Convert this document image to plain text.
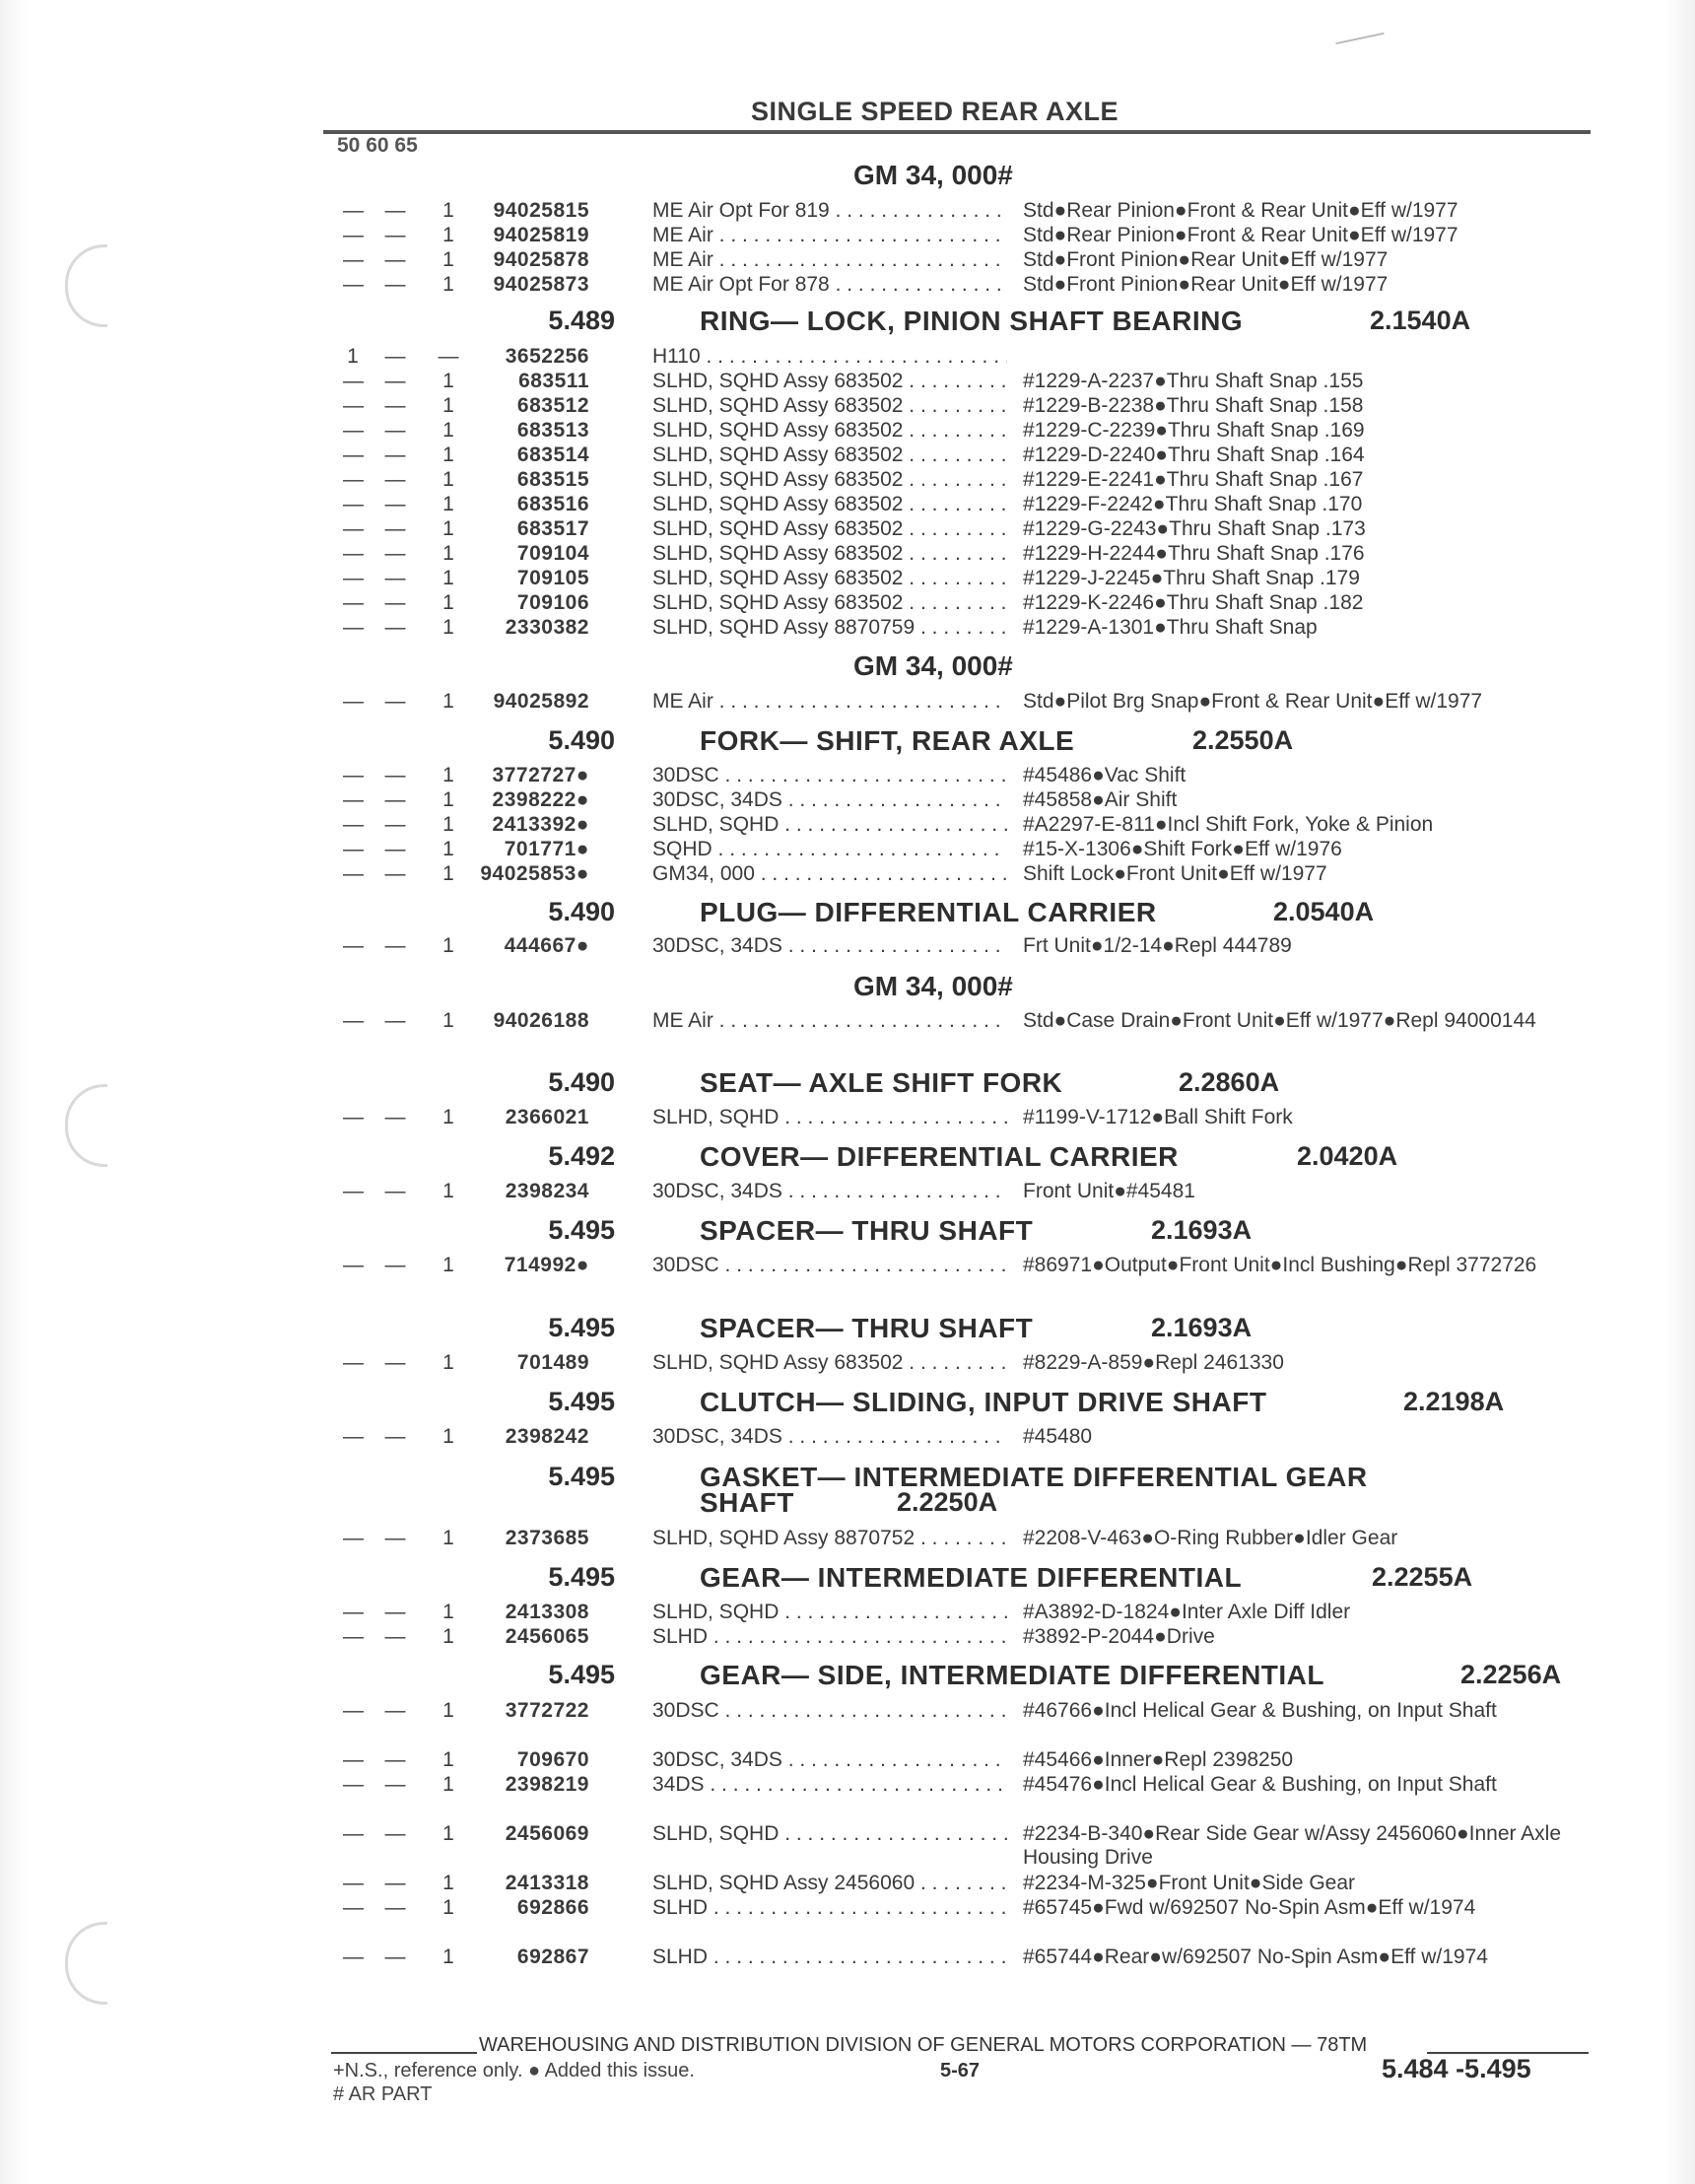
SINGLE SPEED REAR AXLE
50 60 65
GM 34, 000#
— —	1	94025815	ME Air Opt For 819 . . .	Std●Rear Pinion●Front & Rear Unit●Eff w/1977
— —	1	94025819	ME Air . . .	Std●Rear Pinion●Front & Rear Unit●Eff w/1977
— —	1	94025878	ME Air . . .	Std●Front Pinion●Rear Unit●Eff w/1977
— —	1	94025873	ME Air Opt For 878 . . .	Std●Front Pinion●Rear Unit●Eff w/1977
5.489	RING— LOCK, PINION SHAFT BEARING	2.1540A
1 — —	3652256	H110 . . .
— —	1	683511	SLHD, SQHD Assy 683502 . . .	#1229-A-2237●Thru Shaft Snap .155
— —	1	683512	SLHD, SQHD Assy 683502 . . .	#1229-B-2238●Thru Shaft Snap .158
— —	1	683513	SLHD, SQHD Assy 683502 . . .	#1229-C-2239●Thru Shaft Snap .169
— —	1	683514	SLHD, SQHD Assy 683502 . . .	#1229-D-2240●Thru Shaft Snap .164
— —	1	683515	SLHD, SQHD Assy 683502 . . .	#1229-E-2241●Thru Shaft Snap .167
— —	1	683516	SLHD, SQHD Assy 683502 . . .	#1229-F-2242●Thru Shaft Snap .170
— —	1	683517	SLHD, SQHD Assy 683502 . . .	#1229-G-2243●Thru Shaft Snap .173
— —	1	709104	SLHD, SQHD Assy 683502 . . .	#1229-H-2244●Thru Shaft Snap .176
— —	1	709105	SLHD, SQHD Assy 683502 . . .	#1229-J-2245●Thru Shaft Snap .179
— —	1	709106	SLHD, SQHD Assy 683502 . . .	#1229-K-2246●Thru Shaft Snap .182
— —	1	2330382	SLHD, SQHD Assy 8870759 . . .	#1229-A-1301●Thru Shaft Snap
GM 34, 000#
— —	1	94025892	ME Air . . .	Std●Pilot Brg Snap●Front & Rear Unit●Eff w/1977
5.490	FORK— SHIFT, REAR AXLE	2.2550A
— —	1	3772727●	30DSC . . .	#45486●Vac Shift
— —	1	2398222●	30DSC, 34DS . . .	#45858●Air Shift
— —	1	2413392●	SLHD, SQHD . . .	#A2297-E-811●Incl Shift Fork, Yoke & Pinion
— —	1	701771●	SQHD . . .	#15-X-1306●Shift Fork●Eff w/1976
— —	1	94025853●	GM34, 000 . . .	Shift Lock●Front Unit●Eff w/1977
5.490	PLUG— DIFFERENTIAL CARRIER	2.0540A
— —	1	444667●	30DSC, 34DS . . .	Frt Unit●1/2-14●Repl 444789
GM 34, 000#
— —	1	94026188	ME Air . . .	Std●Case Drain●Front Unit●Eff w/1977●Repl 94000144
5.490	SEAT— AXLE SHIFT FORK	2.2860A
— —	1	2366021	SLHD, SQHD . . .	#1199-V-1712●Ball Shift Fork
5.492	COVER— DIFFERENTIAL CARRIER	2.0420A
— —	1	2398234	30DSC, 34DS . . .	Front Unit●#45481
5.495	SPACER— THRU SHAFT	2.1693A
— —	1	714992●	30DSC . . .	#86971●Output●Front Unit●Incl Bushing●Repl 3772726
5.495	SPACER— THRU SHAFT	2.1693A
— —	1	701489	SLHD, SQHD Assy 683502 . . .	#8229-A-859●Repl 2461330
5.495	CLUTCH— SLIDING, INPUT DRIVE SHAFT	2.2198A
— —	1	2398242	30DSC, 34DS . . .	#45480
5.495	GASKET— INTERMEDIATE DIFFERENTIAL GEAR
SHAFT	2.2250A
— —	1	2373685	SLHD, SQHD Assy 8870752 . . .	#2208-V-463●O-Ring Rubber●Idler Gear
5.495	GEAR— INTERMEDIATE DIFFERENTIAL	2.2255A
— —	1	2413308	SLHD, SQHD . . .	#A3892-D-1824●Inter Axle Diff Idler
— —	1	2456065	SLHD . . .	#3892-P-2044●Drive
5.495	GEAR— SIDE, INTERMEDIATE DIFFERENTIAL	2.2256A
— —	1	3772722	30DSC . . .	#46766●Incl Helical Gear & Bushing, on Input Shaft
— —	1	709670	30DSC, 34DS . . .	#45466●Inner●Repl 2398250
— —	1	2398219	34DS . . .	#45476●Incl Helical Gear & Bushing, on Input Shaft
— —	1	2456069	SLHD, SQHD . . .	#2234-B-340●Rear Side Gear w/Assy 2456060●Inner Axle Housing Drive
— —	1	2413318	SLHD, SQHD Assy 2456060 . . .	#2234-M-325●Front Unit●Side Gear
— —	1	692866	SLHD . . .	#65745●Fwd w/692507 No-Spin Asm●Eff w/1974
— —	1	692867	SLHD . . .	#65744●Rear●w/692507 No-Spin Asm●Eff w/1974
WAREHOUSING AND DISTRIBUTION DIVISION OF GENERAL MOTORS CORPORATION — 78TM
+N.S., reference only. ● Added this issue.
# AR PART
5-67	5.484 -5.495
